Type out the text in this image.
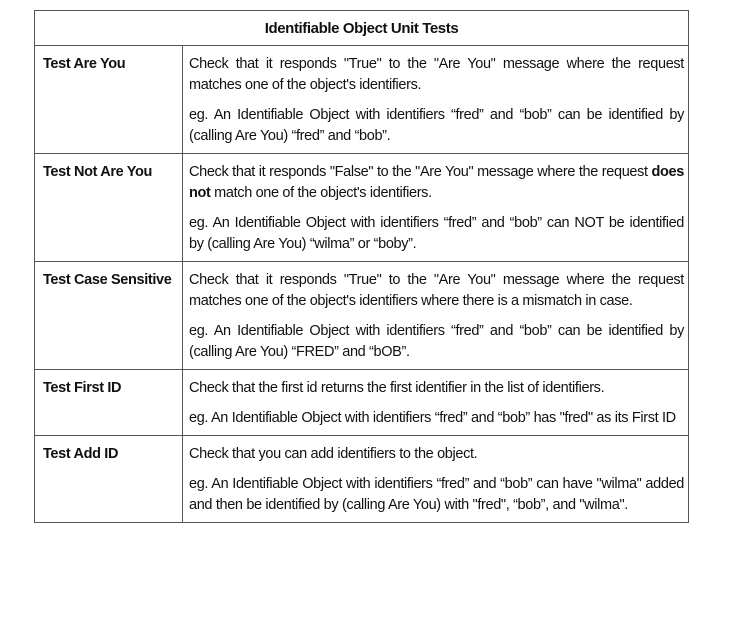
Identifiable Object Unit Tests	
Test Are You	Check that it responds "True" to the "Are You" message where the request matches one of the object's identifiers.

eg. An Identifiable Object with identifiers “fred” and “bob” can be identified by (calling Are You) “fred” and “bob”.

Test Not Are You	Check that it responds "False" to the "Are You" message where the request does not match one of the object's identifiers.

eg. An Identifiable Object with identifiers “fred” and “bob” can NOT be identified by (calling Are You) “wilma” or “boby”.

Test Case Sensitive	Check that it responds "True" to the "Are You" message where the request matches one of the object's identifiers where there is a mismatch in case.

eg. An Identifiable Object with identifiers “fred” and “bob” can be identified by (calling Are You) “FRED” and “bOB”.

Test First ID	Check that the first id returns the first identifier in the list of identifiers.

eg. An Identifiable Object with identifiers “fred” and “bob” has "fred" as its First ID

Test Add ID	Check that you can add identifiers to the object.

eg. An Identifiable Object with identifiers “fred” and “bob” can have "wilma" added and then be identified by (calling Are You) with "fred", “bob”, and "wilma".
